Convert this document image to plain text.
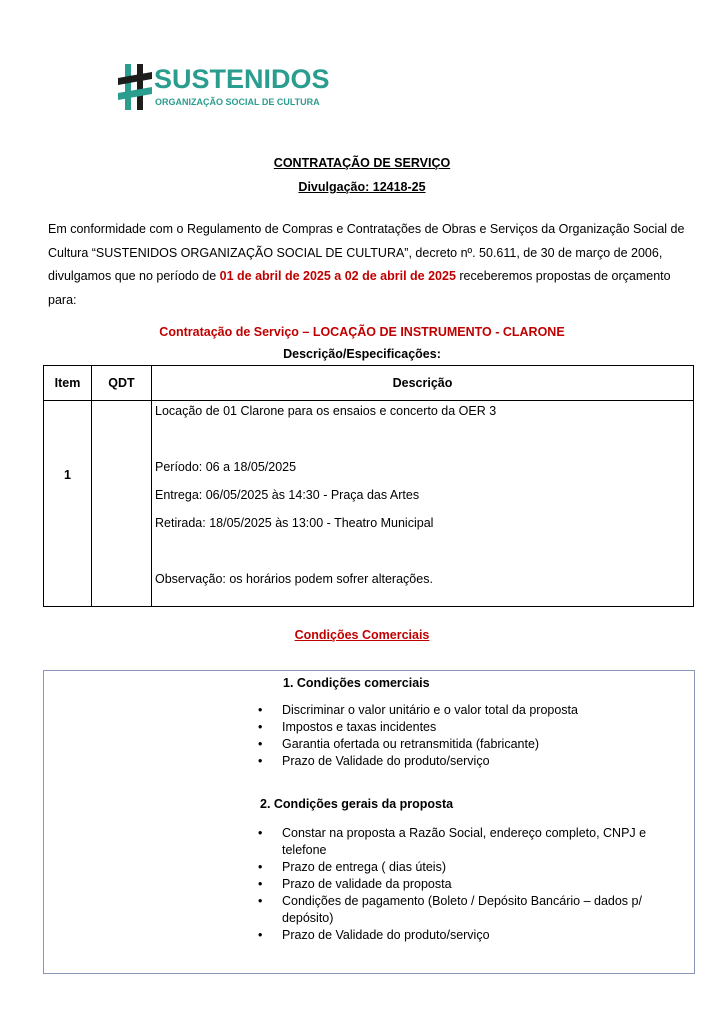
SUSTENIDOS
ORGANIZAÇÃO SOCIAL DE CULTURA
CONTRATAÇÃO DE SERVIÇO
Divulgação: 12418-25
Em conformidade com o Regulamento de Compras e Contratações de Obras e Serviços da Organização Social de Cultura “SUSTENIDOS ORGANIZAÇÃO SOCIAL DE CULTURA”, decreto nº. 50.611, de 30 de março de 2006, divulgamos que no período de 01 de abril de 2025 a 02 de abril de 2025 receberemos propostas de orçamento para:
Contratação de Serviço – LOCAÇÃO DE INSTRUMENTO - CLARONE
Descrição/Especificações:
Item	QDT	Descrição
1		Locação de 01 Clarone para os ensaios e concerto da OER 3
Período: 06 a 18/05/2025
Entrega: 06/05/2025 às 14:30 - Praça das Artes
Retirada: 18/05/2025 às 13:00 - Theatro Municipal
Observação: os horários podem sofrer alterações.
Condições Comerciais
1. Condições comerciais
• Discriminar o valor unitário e o valor total da proposta
• Impostos e taxas incidentes
• Garantia ofertada ou retransmitida (fabricante)
• Prazo de Validade do produto/serviço
2. Condições gerais da proposta
• Constar na proposta a Razão Social, endereço completo, CNPJ e telefone
• Prazo de entrega ( dias úteis)
• Prazo de validade da proposta
• Condições de pagamento (Boleto / Depósito Bancário – dados p/ depósito)
• Prazo de Validade do produto/serviço
